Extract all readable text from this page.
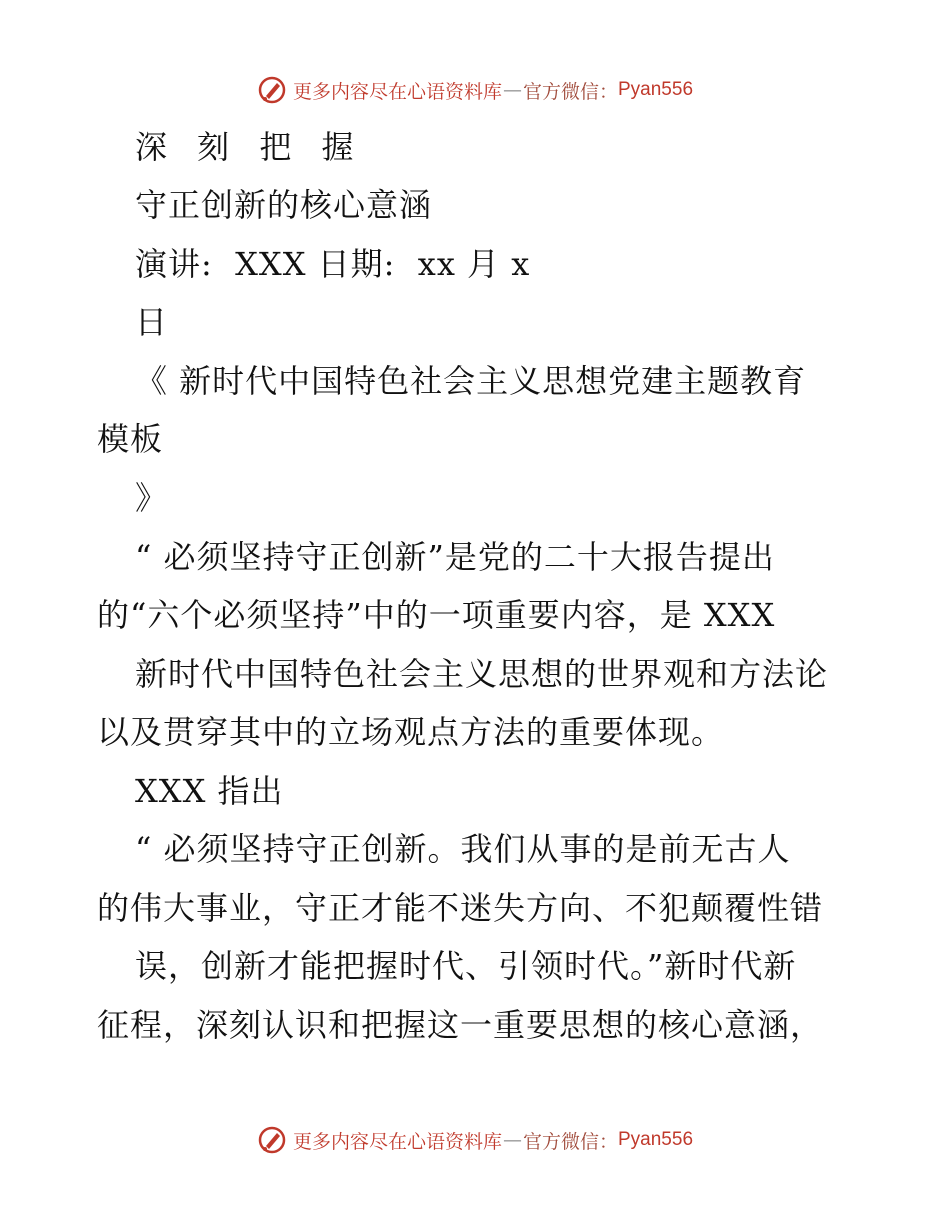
更多内容尽在心语资料库 — 官方微信： Pyan556
深 刻 把 握
守正创新的核心意涵
演讲:  XXX 日期:  xx 月 x
日
《 新时代中国特色社会主义思想党建主题教育
模板
》
“ 必须坚持守正创新”是党的二十大报告提出
的“六个必须坚持”中的一项重要内容，是 XXX
新时代中国特色社会主义思想的世界观和方法论
以及贯穿其中的立场观点方法的重要体现。
XXX 指出
“ 必须坚持守正创新。我们从事的是前无古人
的伟大事业，守正才能不迷失方向、不犯颠覆性错
误，创新才能把握时代、引领时代。”新时代新
征程，深刻认识和把握这一重要思想的核心意涵，
更多内容尽在心语资料库 — 官方微信： Pyan556
